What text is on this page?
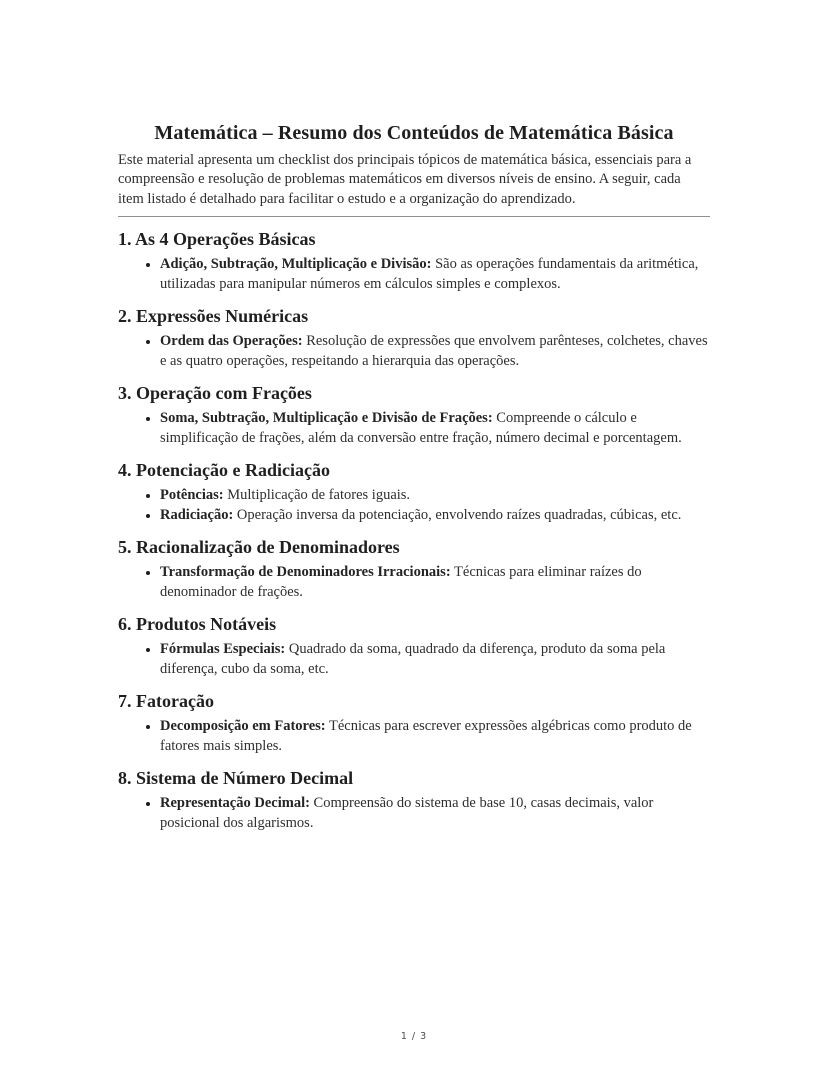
Matemática – Resumo dos Conteúdos de Matemática Básica

Este material apresenta um checklist dos principais tópicos de matemática básica, essenciais para a compreensão e resolução de problemas matemáticos em diversos níveis de ensino. A seguir, cada item listado é detalhado para facilitar o estudo e a organização do aprendizado.

1. As 4 Operações Básicas
• Adição, Subtração, Multiplicação e Divisão: São as operações fundamentais da aritmética, utilizadas para manipular números em cálculos simples e complexos.
2. Expressões Numéricas
• Ordem das Operações: Resolução de expressões que envolvem parênteses, colchetes, chaves e as quatro operações, respeitando a hierarquia das operações.
3. Operação com Frações
• Soma, Subtração, Multiplicação e Divisão de Frações: Compreende o cálculo e simplificação de frações, além da conversão entre fração, número decimal e porcentagem.
4. Potenciação e Radiciação
• Potências: Multiplicação de fatores iguais.
• Radiciação: Operação inversa da potenciação, envolvendo raízes quadradas, cúbicas, etc.
5. Racionalização de Denominadores
• Transformação de Denominadores Irracionais: Técnicas para eliminar raízes do denominador de frações.
6. Produtos Notáveis
• Fórmulas Especiais: Quadrado da soma, quadrado da diferença, produto da soma pela diferença, cubo da soma, etc.
7. Fatoração
• Decomposição em Fatores: Técnicas para escrever expressões algébricas como produto de fatores mais simples.
8. Sistema de Número Decimal
• Representação Decimal: Compreensão do sistema de base 10, casas decimais, valor posicional dos algarismos.
1 / 3
